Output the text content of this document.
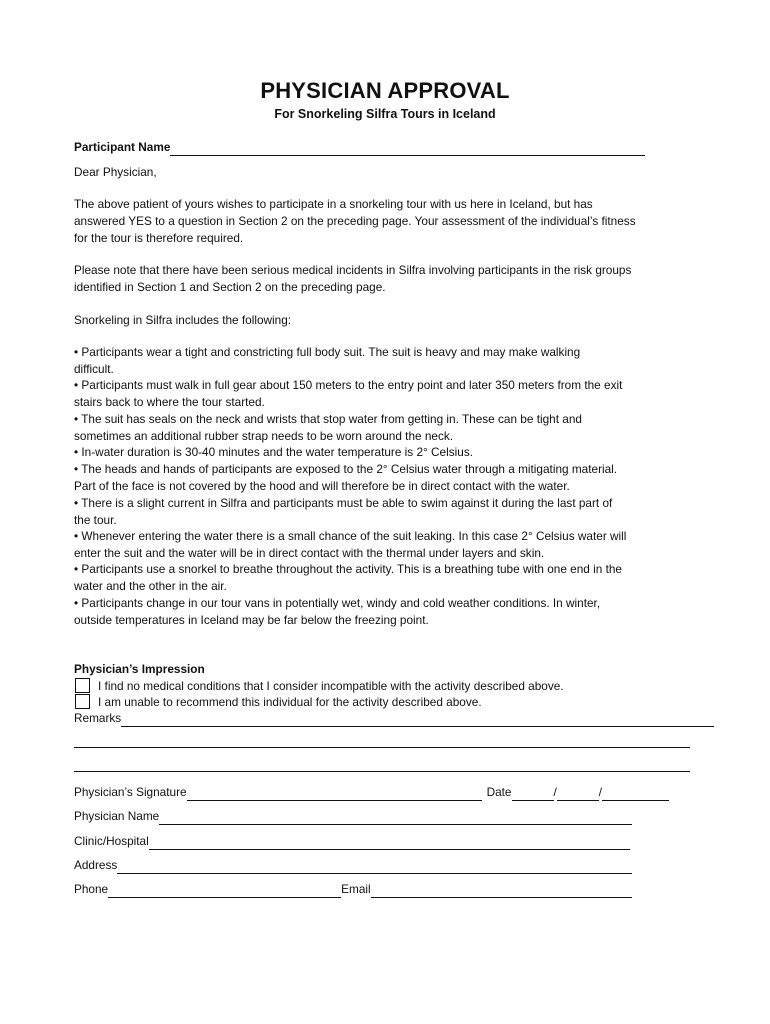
PHYSICIAN APPROVAL
For Snorkeling Silfra Tours in Iceland
Participant Name
Dear Physician,
The above patient of yours wishes to participate in a snorkeling tour with us here in Iceland, but has
answered YES to a question in Section 2 on the preceding page. Your assessment of the individual’s fitness
for the tour is therefore required.
Please note that there have been serious medical incidents in Silfra involving participants in the risk groups
identified in Section 1 and Section 2 on the preceding page.
Snorkeling in Silfra includes the following:
• Participants wear a tight and constricting full body suit. The suit is heavy and may make walking
difficult.
• Participants must walk in full gear about 150 meters to the entry point and later 350 meters from the exit
stairs back to where the tour started.
• The suit has seals on the neck and wrists that stop water from getting in. These can be tight and
sometimes an additional rubber strap needs to be worn around the neck.
• In-water duration is 30-40 minutes and the water temperature is 2° Celsius.
• The heads and hands of participants are exposed to the 2° Celsius water through a mitigating material.
Part of the face is not covered by the hood and will therefore be in direct contact with the water.
• There is a slight current in Silfra and participants must be able to swim against it during the last part of
the tour.
• Whenever entering the water there is a small chance of the suit leaking. In this case 2° Celsius water will
enter the suit and the water will be in direct contact with the thermal under layers and skin.
• Participants use a snorkel to breathe throughout the activity. This is a breathing tube with one end in the
water and the other in the air.
• Participants change in our tour vans in potentially wet, windy and cold weather conditions. In winter,
outside temperatures in Iceland may be far below the freezing point.
Physician’s Impression
I find no medical conditions that I consider incompatible with the activity described above.
I am unable to recommend this individual for the activity described above.
Remarks
Physician’s Signature	Date	/	/
Physician Name
Clinic/Hospital
Address
Phone	Email
